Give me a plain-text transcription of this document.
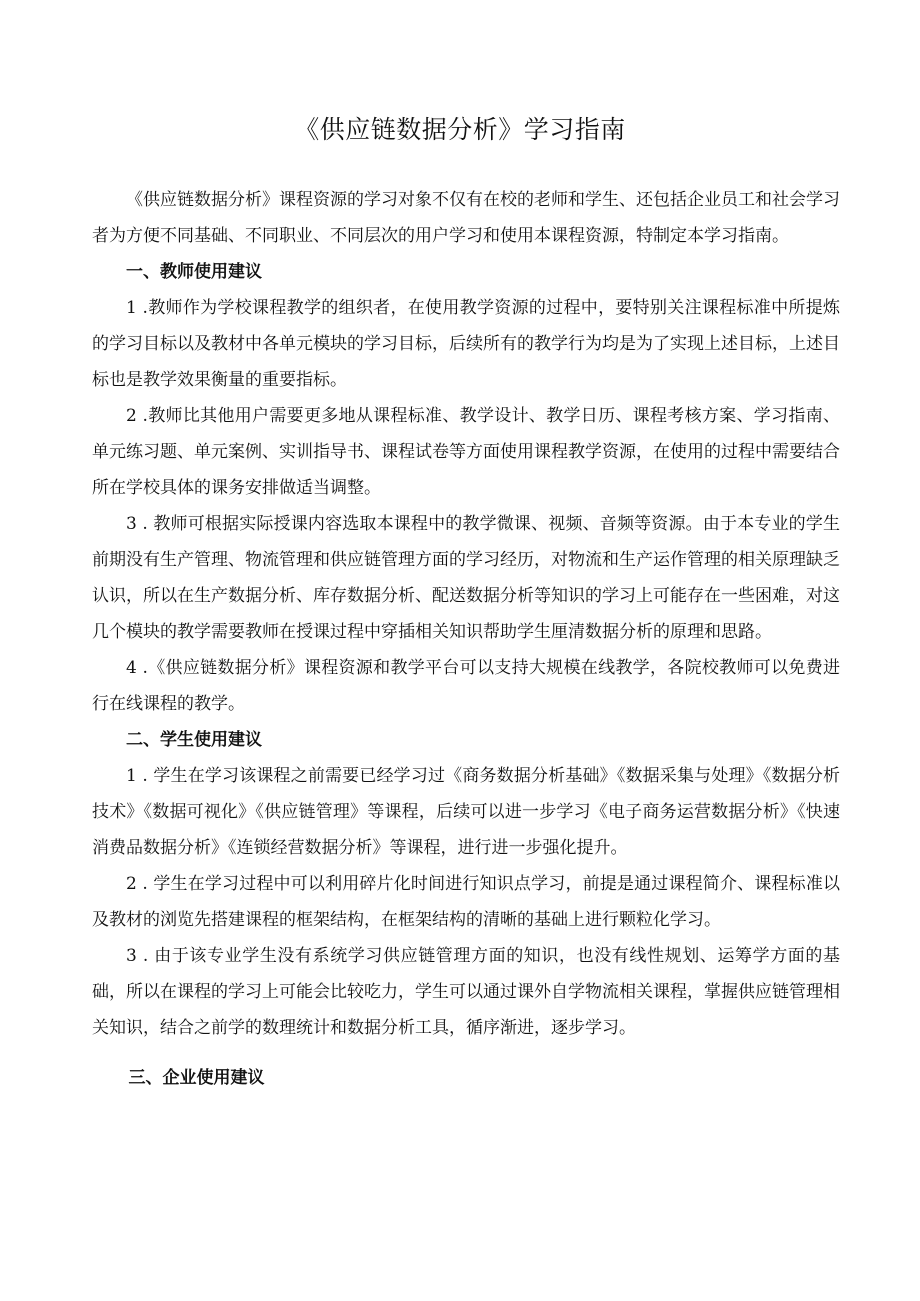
《供应链数据分析》学习指南

《供应链数据分析》课程资源的学习对象不仅有在校的老师和学生、还包括企业员工和社会学习者为方便不同基础、不同职业、不同层次的用户学习和使用本课程资源，特制定本学习指南。

一、教师使用建议

1 .教师作为学校课程教学的组织者，在使用教学资源的过程中，要特别关注课程标准中所提炼的学习目标以及教材中各单元模块的学习目标，后续所有的教学行为均是为了实现上述目标，上述目标也是教学效果衡量的重要指标。

2 .教师比其他用户需要更多地从课程标准、教学设计、教学日历、课程考核方案、学习指南、单元练习题、单元案例、实训指导书、课程试卷等方面使用课程教学资源，在使用的过程中需要结合所在学校具体的课务安排做适当调整。

3 . 教师可根据实际授课内容选取本课程中的教学微课、视频、音频等资源。由于本专业的学生前期没有生产管理、物流管理和供应链管理方面的学习经历，对物流和生产运作管理的相关原理缺乏认识，所以在生产数据分析、库存数据分析、配送数据分析等知识的学习上可能存在一些困难，对这几个模块的教学需要教师在授课过程中穿插相关知识帮助学生厘清数据分析的原理和思路。

4 .《供应链数据分析》课程资源和教学平台可以支持大规模在线教学，各院校教师可以免费进行在线课程的教学。

二、学生使用建议

1 . 学生在学习该课程之前需要已经学习过《商务数据分析基础》《数据采集与处理》《数据分析技术》《数据可视化》《供应链管理》等课程，后续可以进一步学习《电子商务运营数据分析》《快速消费品数据分析》《连锁经营数据分析》等课程，进行进一步强化提升。

2 . 学生在学习过程中可以利用碎片化时间进行知识点学习，前提是通过课程简介、课程标准以及教材的浏览先搭建课程的框架结构，在框架结构的清晰的基础上进行颗粒化学习。

3 . 由于该专业学生没有系统学习供应链管理方面的知识，也没有线性规划、运筹学方面的基础，所以在课程的学习上可能会比较吃力，学生可以通过课外自学物流相关课程，掌握供应链管理相关知识，结合之前学的数理统计和数据分析工具，循序渐进，逐步学习。

三、企业使用建议
